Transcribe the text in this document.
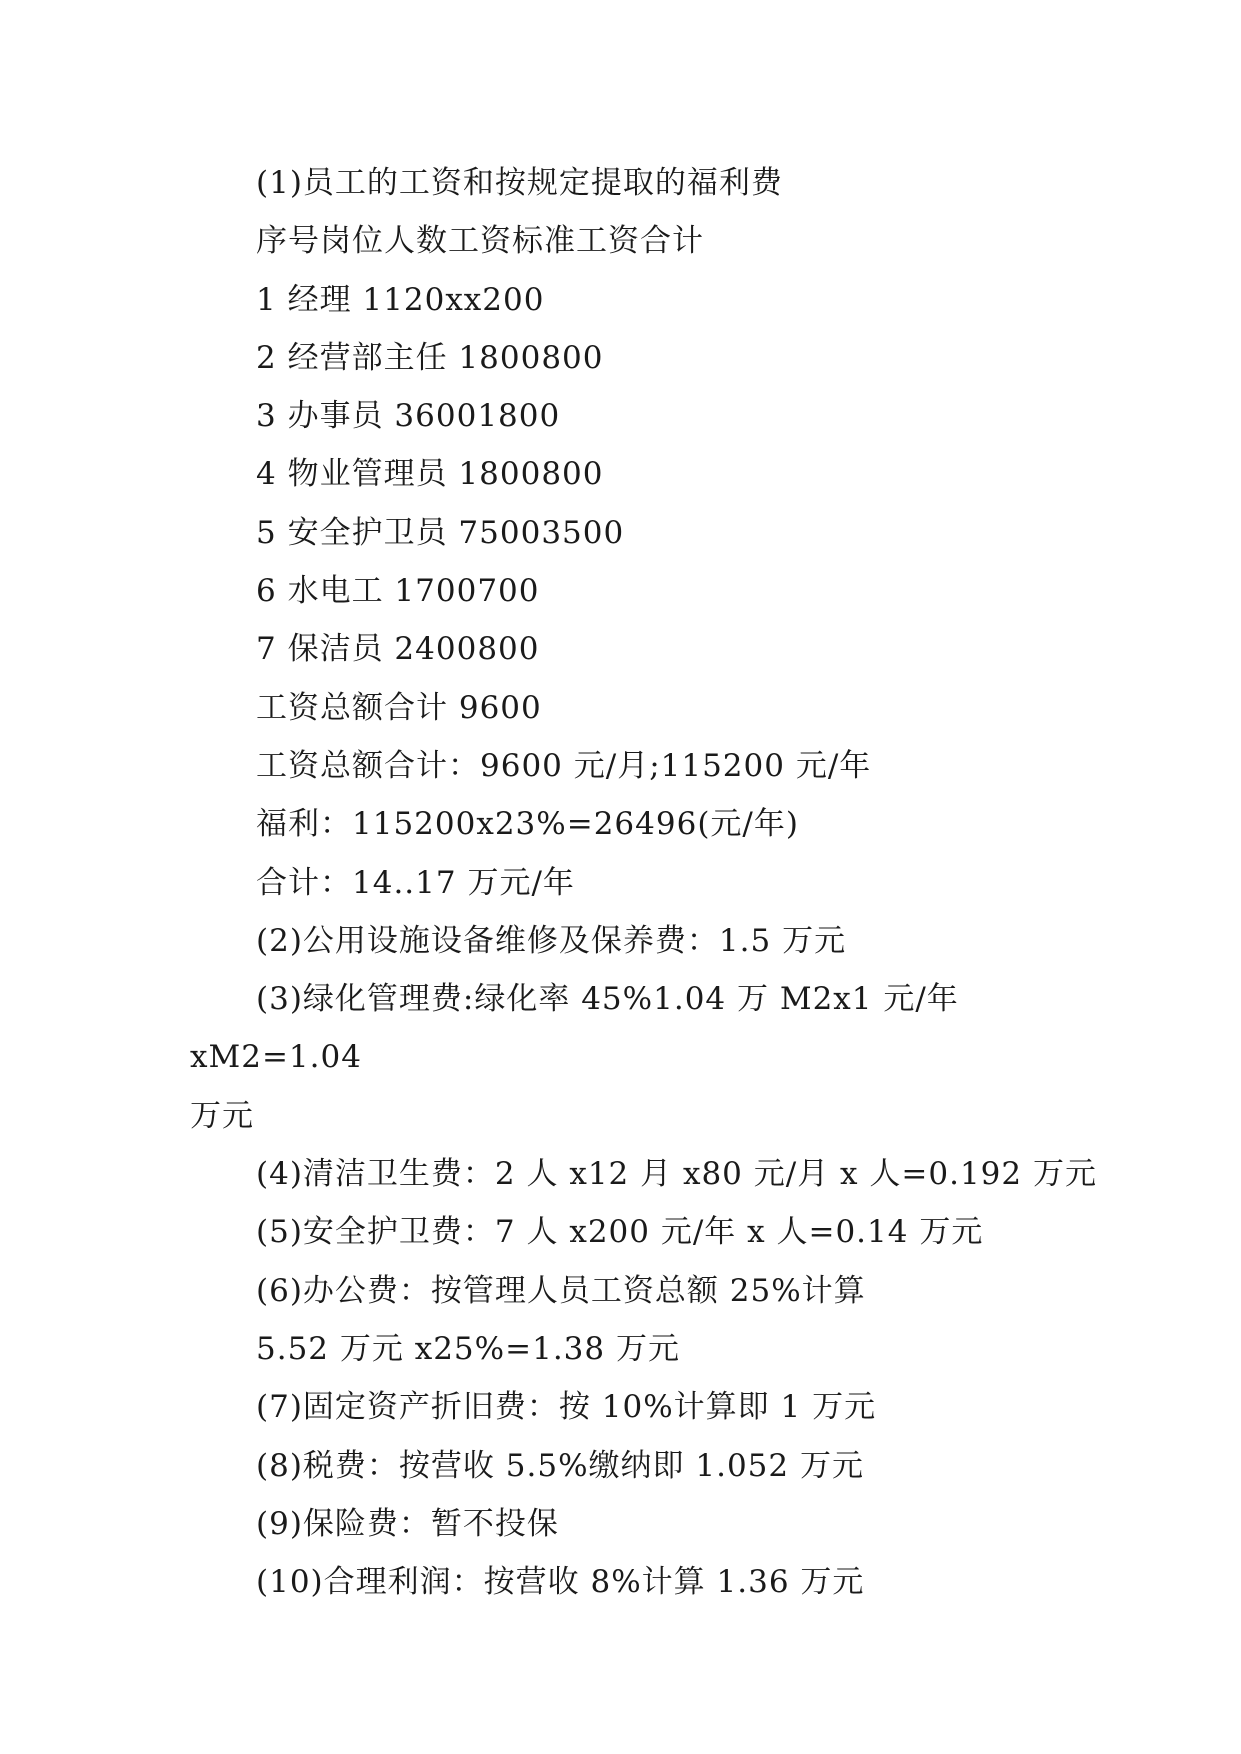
(1)员工的工资和按规定提取的福利费
序号岗位人数工资标准工资合计
1 经理 1120xx200
2 经营部主任 1800800
3 办事员 36001800
4 物业管理员 1800800
5 安全护卫员 75003500
6 水电工 1700700
7 保洁员 2400800
工资总额合计 9600
工资总额合计：9600 元/月;115200 元/年
福利：115200x23%=26496(元/年)
合计：14..17 万元/年
(2)公用设施设备维修及保养费：1.5 万元
(3)绿化管理费:绿化率 45%1.04 万 M2x1 元/年 xM2=1.04
万元
(4)清洁卫生费：2 人 x12 月 x80 元/月 x 人=0.192 万元
(5)安全护卫费：7 人 x200 元/年 x 人=0.14 万元
(6)办公费：按管理人员工资总额 25%计算
5.52 万元 x25%=1.38 万元
(7)固定资产折旧费：按 10%计算即 1 万元
(8)税费：按营收 5.5%缴纳即 1.052 万元
(9)保险费：暂不投保
(10)合理利润：按营收 8%计算 1.36 万元
